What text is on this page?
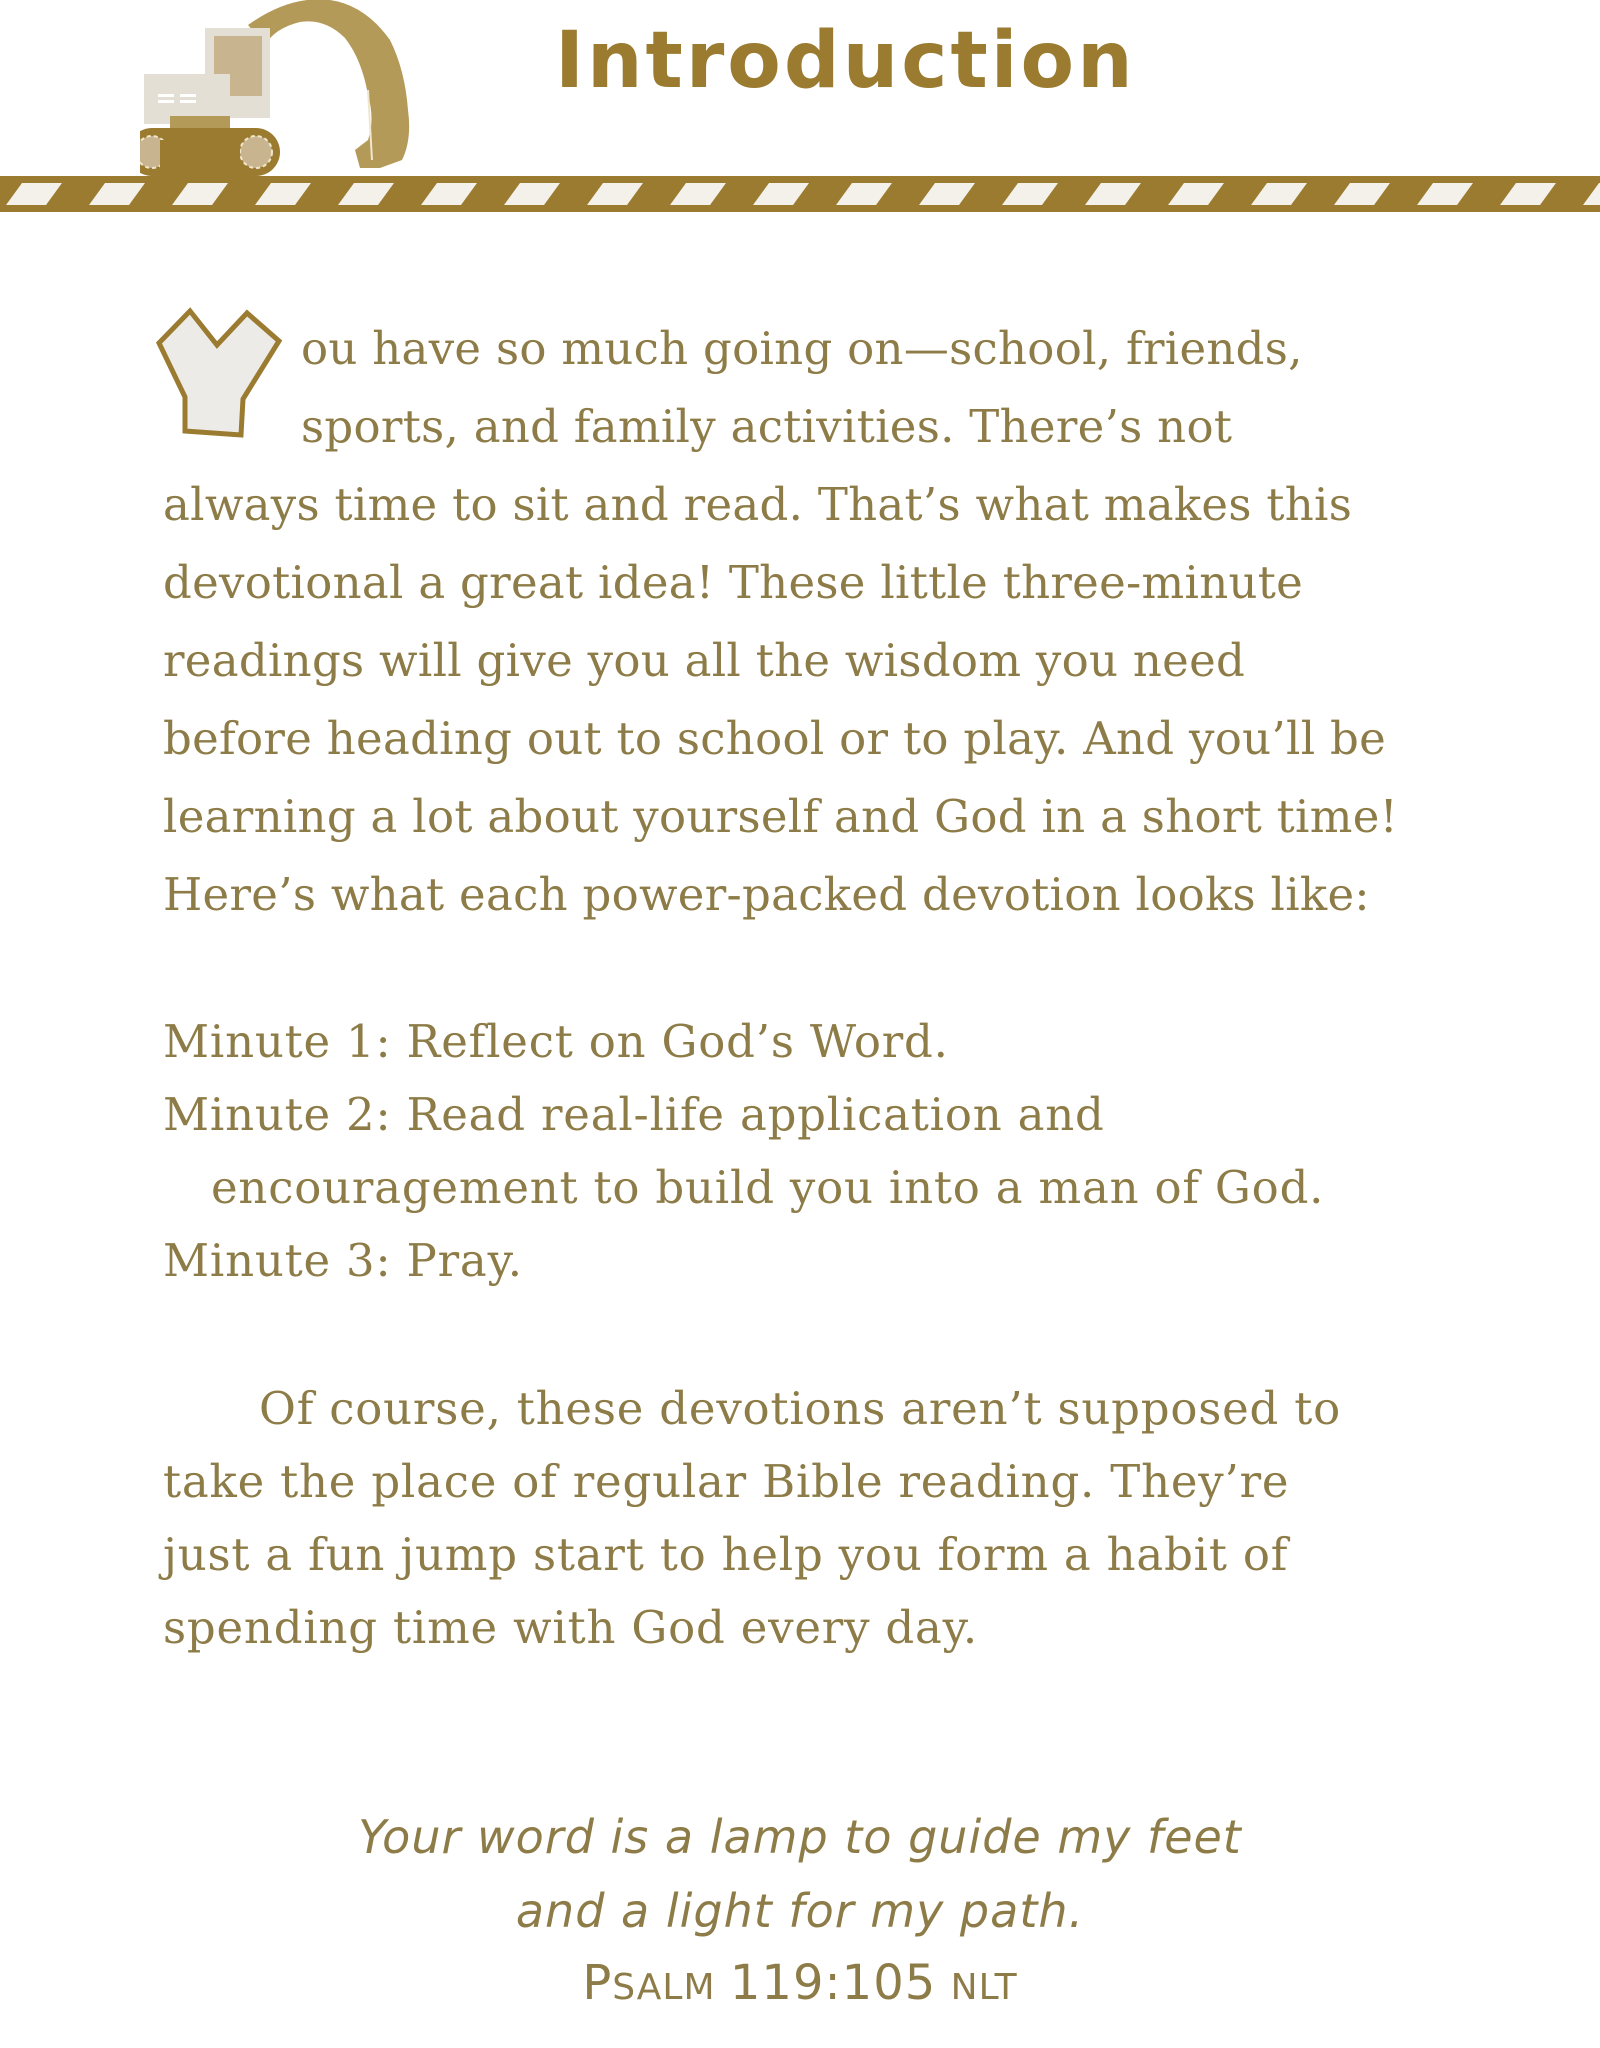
Introduction
ou have so much going on—school, friends,
sports, and family activities. There’s not
always time to sit and read. That’s what makes this
devotional a great idea! These little three-minute
readings will give you all the wisdom you need
before heading out to school or to play. And you’ll be
learning a lot about yourself and God in a short time!
Here’s what each power-packed devotion looks like:
Minute 1: Reflect on God’s Word.
Minute 2: Read real-life application and
encouragement to build you into a man of God.
Minute 3: Pray.
Of course, these devotions aren’t supposed to
take the place of regular Bible reading. They’re
just a fun jump start to help you form a habit of
spending time with God every day.
Your word is a lamp to guide my feet
and a light for my path.
PSALM 119:105 NLT
